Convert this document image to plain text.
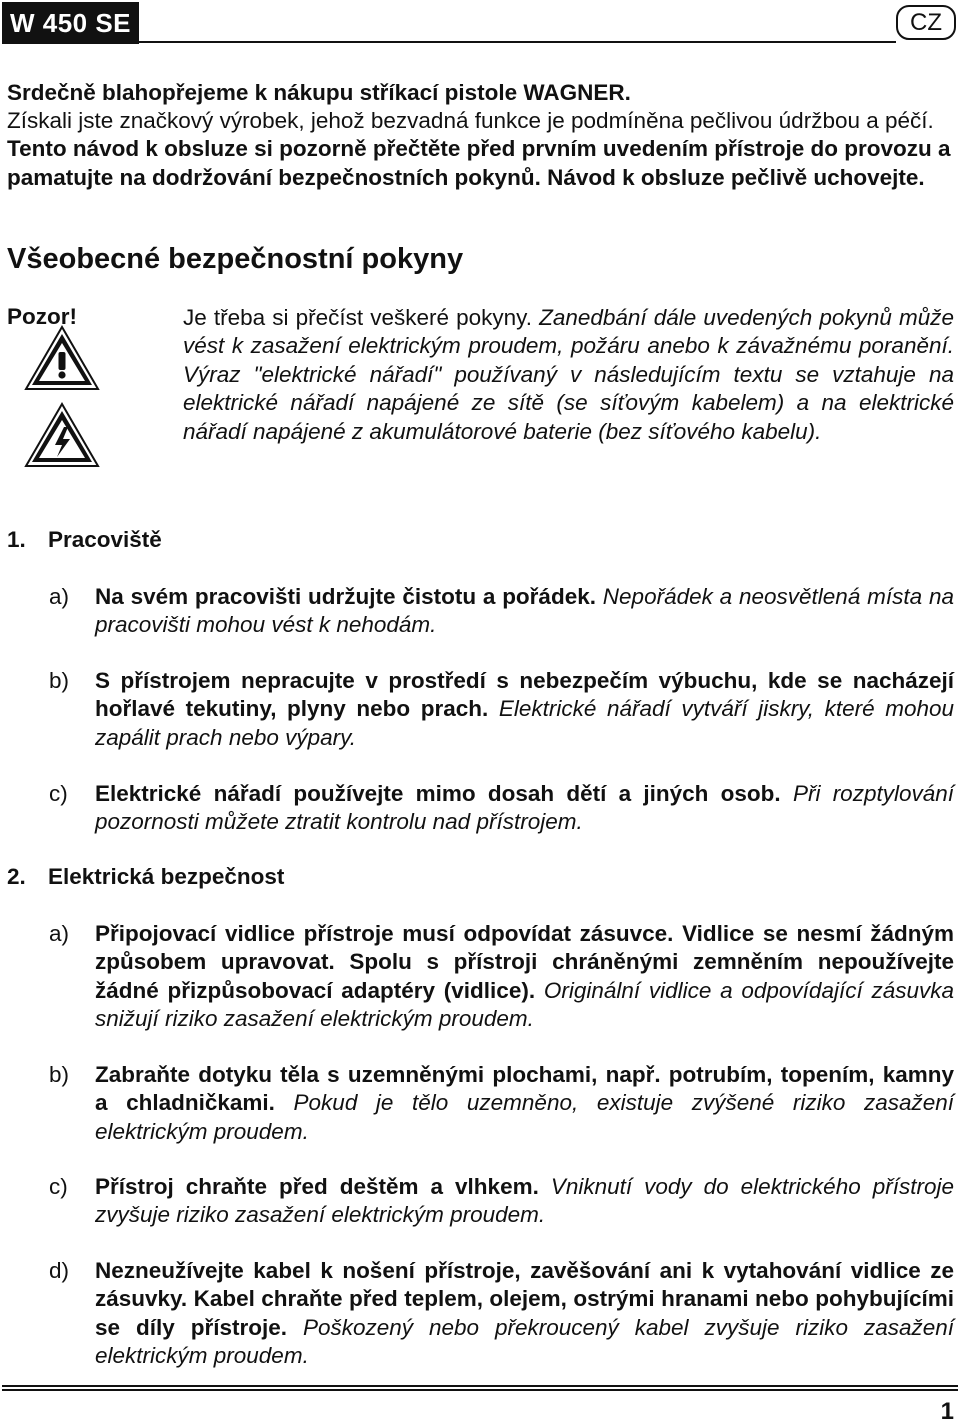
W 450 SE	CZ
Srdečně blahopřejeme k nákupu stříkací pistole WAGNER.
Získali jste značkový výrobek, jehož bezvadná funkce je podmíněna pečlivou údržbou a péčí. Tento návod k obsluze si pozorně přečtěte před prvním uvedením přístroje do provozu a pamatujte na dodržování bezpečnostních pokynů. Návod k obsluze pečlivě uchovejte.
Všeobecné bezpečnostní pokyny
Pozor!	Je třeba si přečíst veškeré pokyny. Zanedbání dále uvedených pokynů může vést k zasažení elektrickým proudem, požáru anebo k závažnému poranění. Výraz "elektrické nářadí" používaný v následujícím textu se vztahuje na elektrické nářadí napájené ze sítě (se síťovým kabelem) a na elektrické nářadí napájené z akumulátorové baterie (bez síťového kabelu).
1. Pracoviště
a) Na svém pracovišti udržujte čistotu a pořádek. Nepořádek a neosvětlená místa na pracovišti mohou vést k nehodám.
b) S přístrojem nepracujte v prostředí s nebezpečím výbuchu, kde se nacházejí hořlavé tekutiny, plyny nebo prach. Elektrické nářadí vytváří jiskry, které mohou zapálit prach nebo výpary.
c) Elektrické nářadí používejte mimo dosah dětí a jiných osob. Při rozptylování pozornosti můžete ztratit kontrolu nad přístrojem.
2. Elektrická bezpečnost
a) Připojovací vidlice přístroje musí odpovídat zásuvce. Vidlice se nesmí žádným způsobem upravovat. Spolu s přístroji chráněnými zemněním nepoužívejte žádné přizpůsobovací adaptéry (vidlice). Originální vidlice a odpovídající zásuvka snižují riziko zasažení elektrickým proudem.
b) Zabraňte dotyku těla s uzemněnými plochami, např. potrubím, topením, kamny a chladničkami. Pokud je tělo uzemněno, existuje zvýšené riziko zasažení elektrickým proudem.
c) Přístroj chraňte před deštěm a vlhkem. Vniknutí vody do elektrického přístroje zvyšuje riziko zasažení elektrickým proudem.
d) Nezneužívejte kabel k nošení přístroje, zavěšování ani k vytahování vidlice ze zásuvky. Kabel chraňte před teplem, olejem, ostrými hranami nebo pohybujícími se díly přístroje. Poškozený nebo překroucený kabel zvyšuje riziko zasažení elektrickým proudem.
1
